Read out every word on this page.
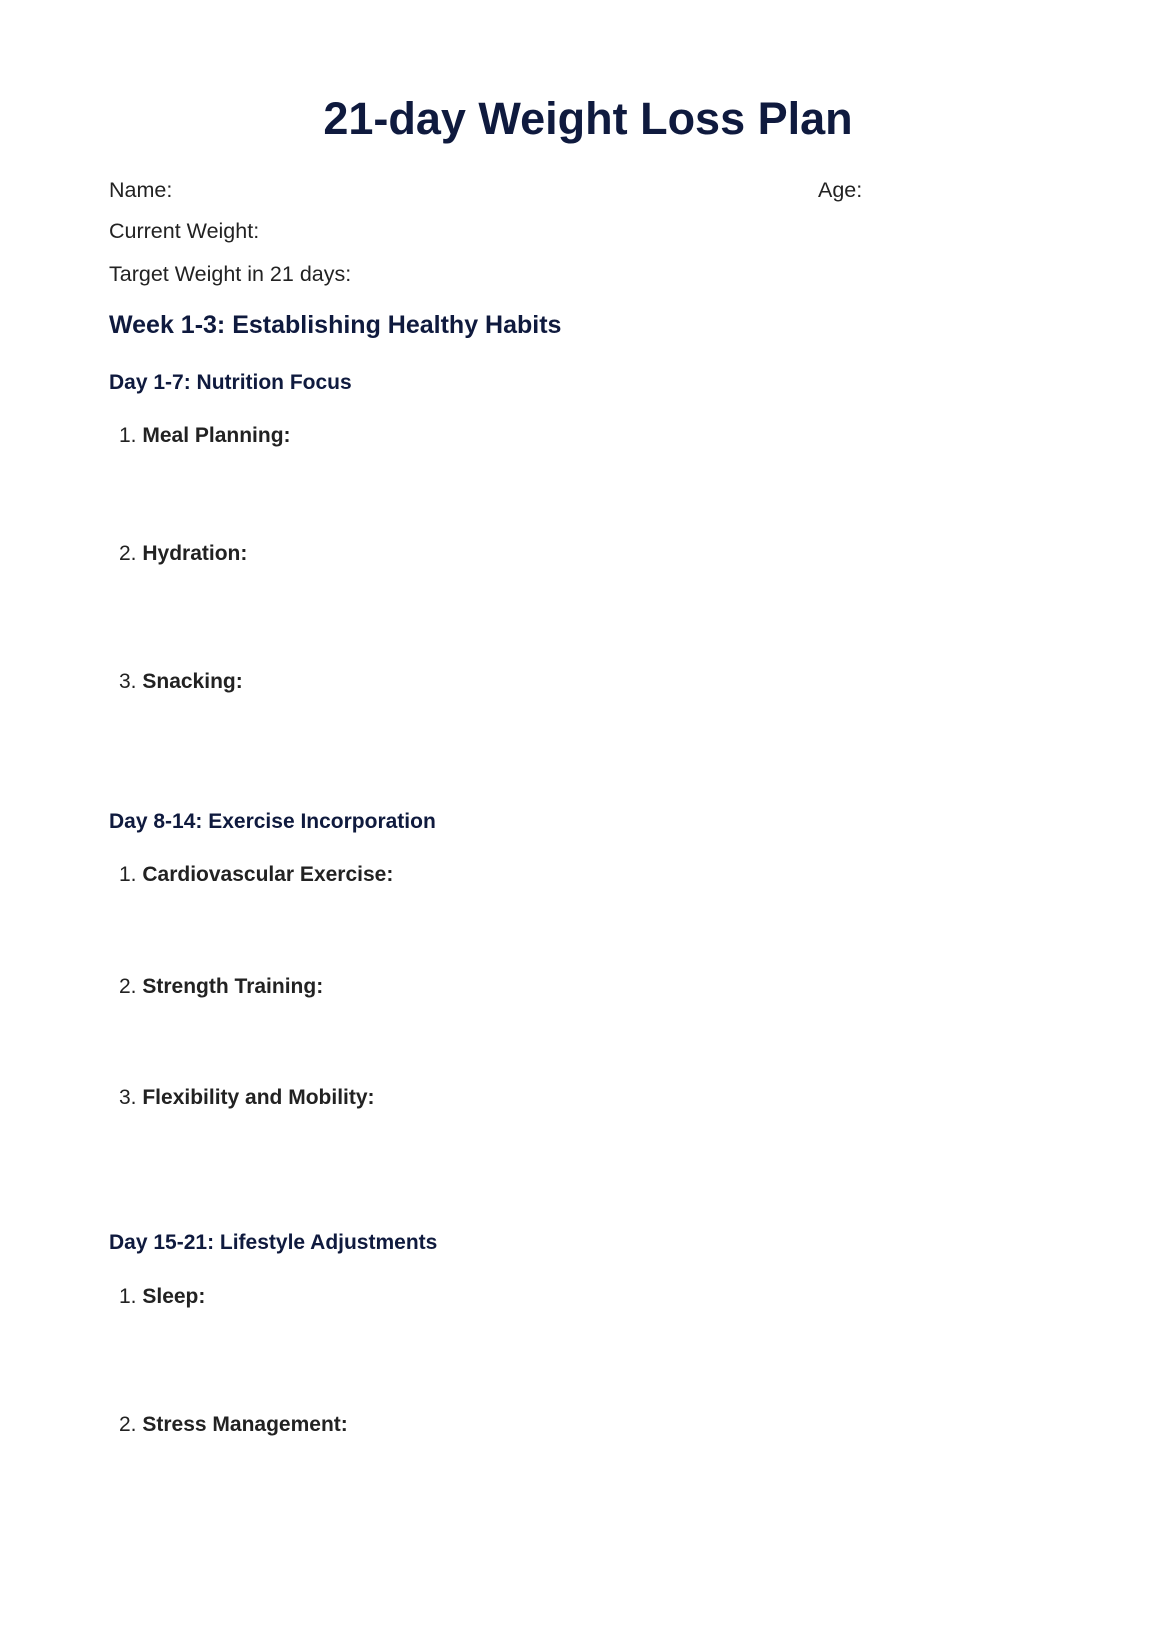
21-day Weight Loss Plan
Name:	Age:
Current Weight:
Target Weight in 21 days:
Week 1-3: Establishing Healthy Habits
Day 1-7: Nutrition Focus
1. Meal Planning:
2. Hydration:
3. Snacking:
Day 8-14: Exercise Incorporation
1. Cardiovascular Exercise:
2. Strength Training:
3. Flexibility and Mobility:
Day 15-21: Lifestyle Adjustments
1. Sleep:
2. Stress Management:
